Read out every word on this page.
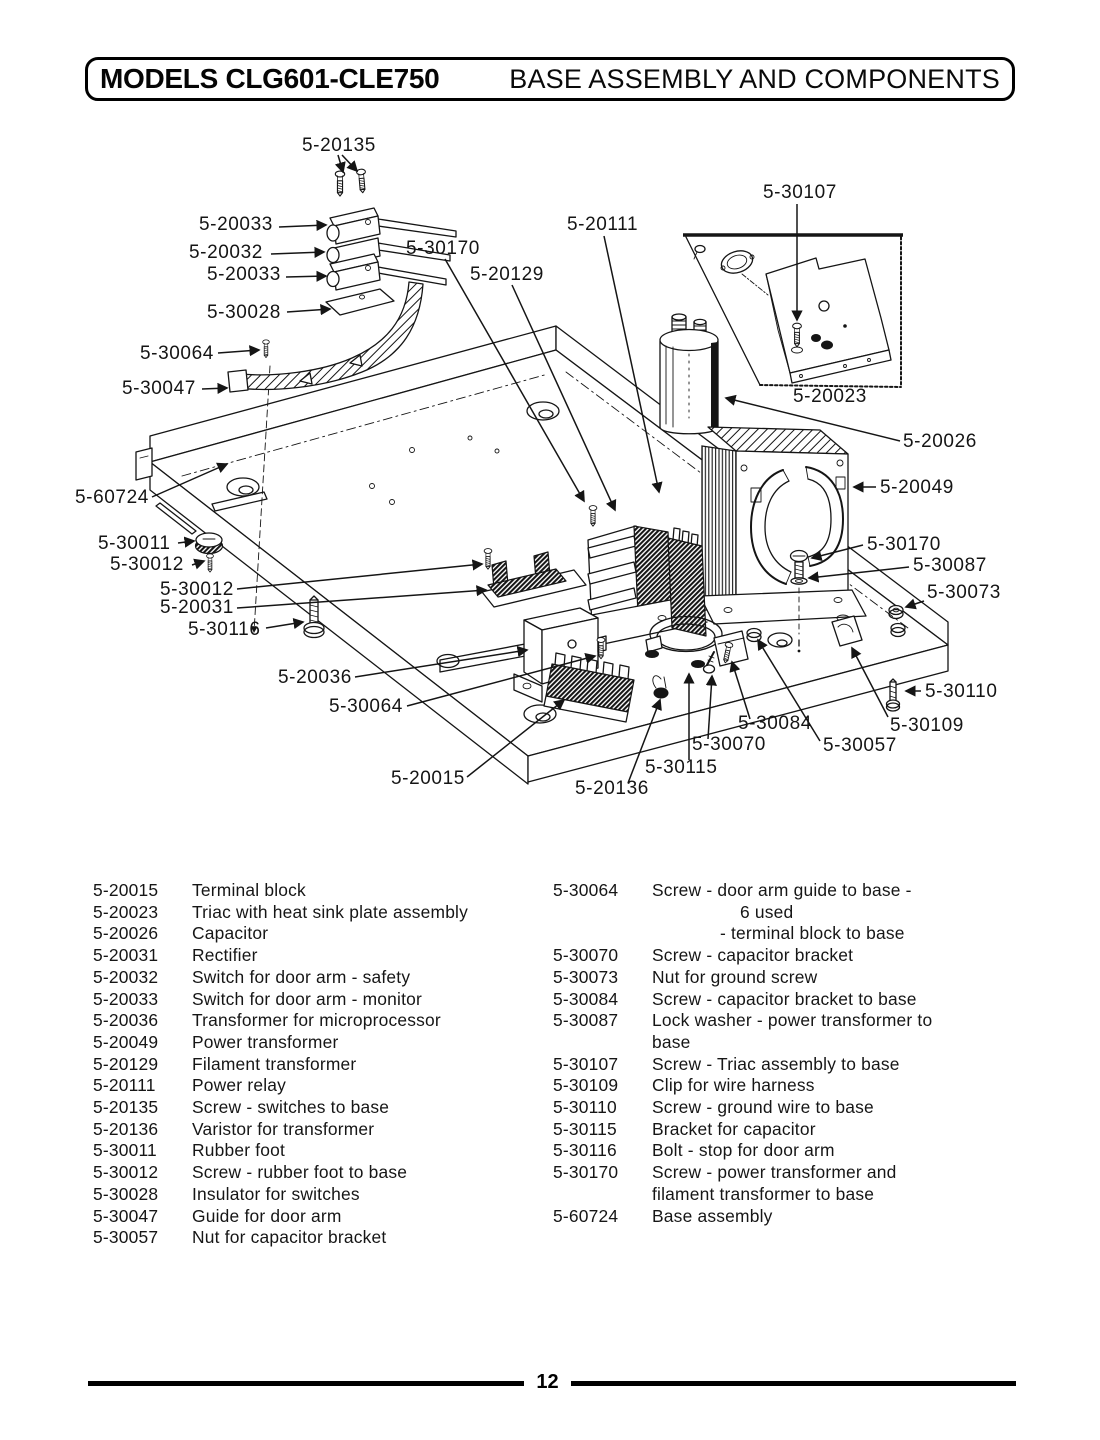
MODELS CLG601-CLE750	BASE ASSEMBLY AND COMPONENTS
5-20135
5-20033
5-20032
5-20033
5-30028
5-30170
5-20129
5-20111
5-30107
5-20023
5-20026
5-20049
5-30170
5-30087
5-30073
5-60724
5-30011
5-30012
5-30012
5-20031
5-30116
5-20036
5-30064
5-20015	5-20136
5-30115
5-30070
5-30084
5-30057
5-30109
5-30110
5-30064
5-30047
5-20015	Terminal block
5-20023	Triac with heat sink plate assembly
5-20026	Capacitor
5-20031	Rectifier
5-20032	Switch for door arm - safety
5-20033	Switch for door arm - monitor
5-20036	Transformer for microprocessor
5-20049	Power transformer
5-20129	Filament transformer
5-20111	Power relay
5-20135	Screw - switches to base
5-20136	Varistor for transformer
5-30011	Rubber foot
5-30012	Screw - rubber foot to base
5-30028	Insulator for switches
5-30047	Guide for door arm
5-30057	Nut for capacitor bracket
5-30064	Screw - door arm guide to base -
6 used
- terminal block to base
5-30070	Screw - capacitor bracket
5-30073	Nut for ground screw
5-30084	Screw - capacitor bracket to base
5-30087	Lock washer - power transformer to
base
5-30107	Screw - Triac assembly to base
5-30109	Clip for wire harness
5-30110	Screw - ground wire to base
5-30115	Bracket for capacitor
5-30116	Bolt - stop for door arm
5-30170	Screw - power transformer and
filament transformer to base
5-60724	Base assembly
12
